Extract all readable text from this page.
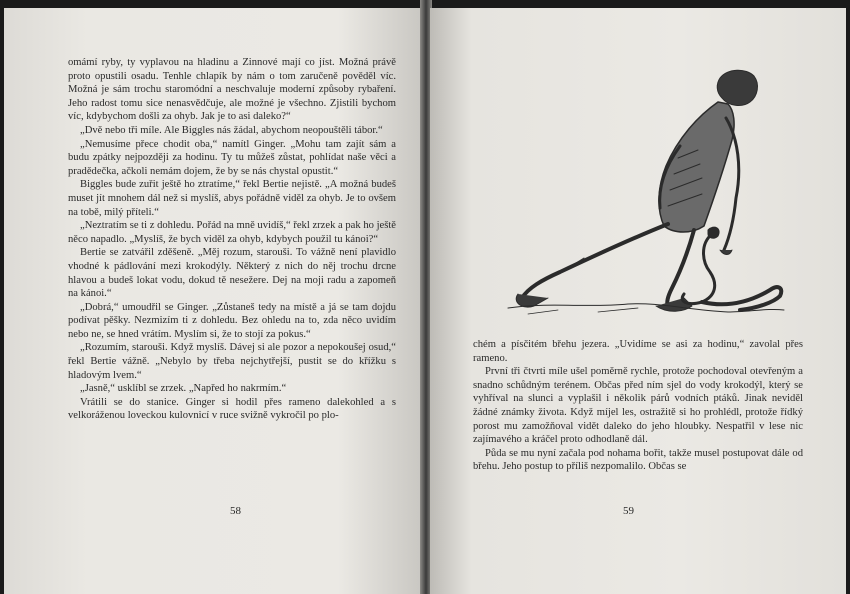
omámí ryby, ty vyplavou na hladinu a Zinnové mají co jíst. Možná právě proto opustili osadu. Tenhle chlapík by nám o tom zaručeně pověděl víc. Možná je sám trochu staromódní a neschvaluje moderní způsoby rybaření. Jeho radost tomu sice nenasvědčuje, ale možné je všechno. Zjistili bychom víc, kdybychom došli za ohyb. Jak je to asi daleko?“

„Dvě nebo tři míle. Ale Biggles nás žádal, abychom neopouštěli tábor.“

„Nemusíme přece chodit oba,“ namítl Ginger. „Mohu tam zajít sám a budu zpátky nejpozději za hodinu. Ty tu můžeš zůstat, pohlídat naše věci a pradědečka, ačkoli nemám dojem, že by se nás chystal opustit.“

Biggles bude zuřit ještě ho ztratíme,“ řekl Bertie nejistě. „A možná budeš muset jít mnohem dál než si myslíš, abys pořádně viděl za ohyb. Je to ovšem na tobě, milý příteli.“

„Neztratím se ti z dohledu. Pořád na mně uvidíš,“ řekl zrzek a pak ho ještě něco napadlo. „Myslíš, že bych viděl za ohyb, kdybych použil tu kánoi?“

Bertie se zatvářil zděšeně. „Měj rozum, starouši. To vážně není plavidlo vhodné k pádlování mezi krokodýly. Některý z nich do něj trochu drcne hlavou a budeš lokat vodu, dokud tě nesežere. Dej na moji radu a zapomeň na kánoi.“

„Dobrá,“ umoudřil se Ginger. „Zůstaneš tedy na místě a já se tam dojdu podívat pěšky. Nezmizím ti z dohledu. Bez ohledu na to, zda něco uvidím nebo ne, se hned vrátím. Myslím si, že to stojí za pokus.“

„Rozumím, starouši. Když myslíš. Dávej si ale pozor a nepokoušej osud,“ řekl Bertie vážně. „Nebylo by třeba nejchytřejší, pustit se do křížku s hladovým lvem.“

„Jasně,“ usklíbl se zrzek. „Napřed ho nakrmím.“

Vrátili se do stanice. Ginger si hodil přes rameno dalekohled a s velkoráženou loveckou kulovnicí v ruce svižně vykročil po plo-

58

chém a písčitém břehu jezera. „Uvidíme se asi za hodinu,“ zavolal přes rameno.

První tři čtvrti míle ušel poměrně rychle, protože pochodoval otevřeným a snadno schůdným terénem. Občas před ním sjel do vody krokodýl, který se vyhříval na slunci a vyplašil i několik párů vodních ptáků. Jinak neviděl žádné známky života. Když míjel les, ostražitě si ho prohlédl, protože řídký porost mu zamožňoval vidět daleko do jeho hloubky. Nespatřil v lese nic zajímavého a kráčel proto odhodlaně dál.

Půda se mu nyní začala pod nohama bořit, takže musel postupovat dále od břehu. Jeho postup to příliš nezpomalilo. Občas se

59
